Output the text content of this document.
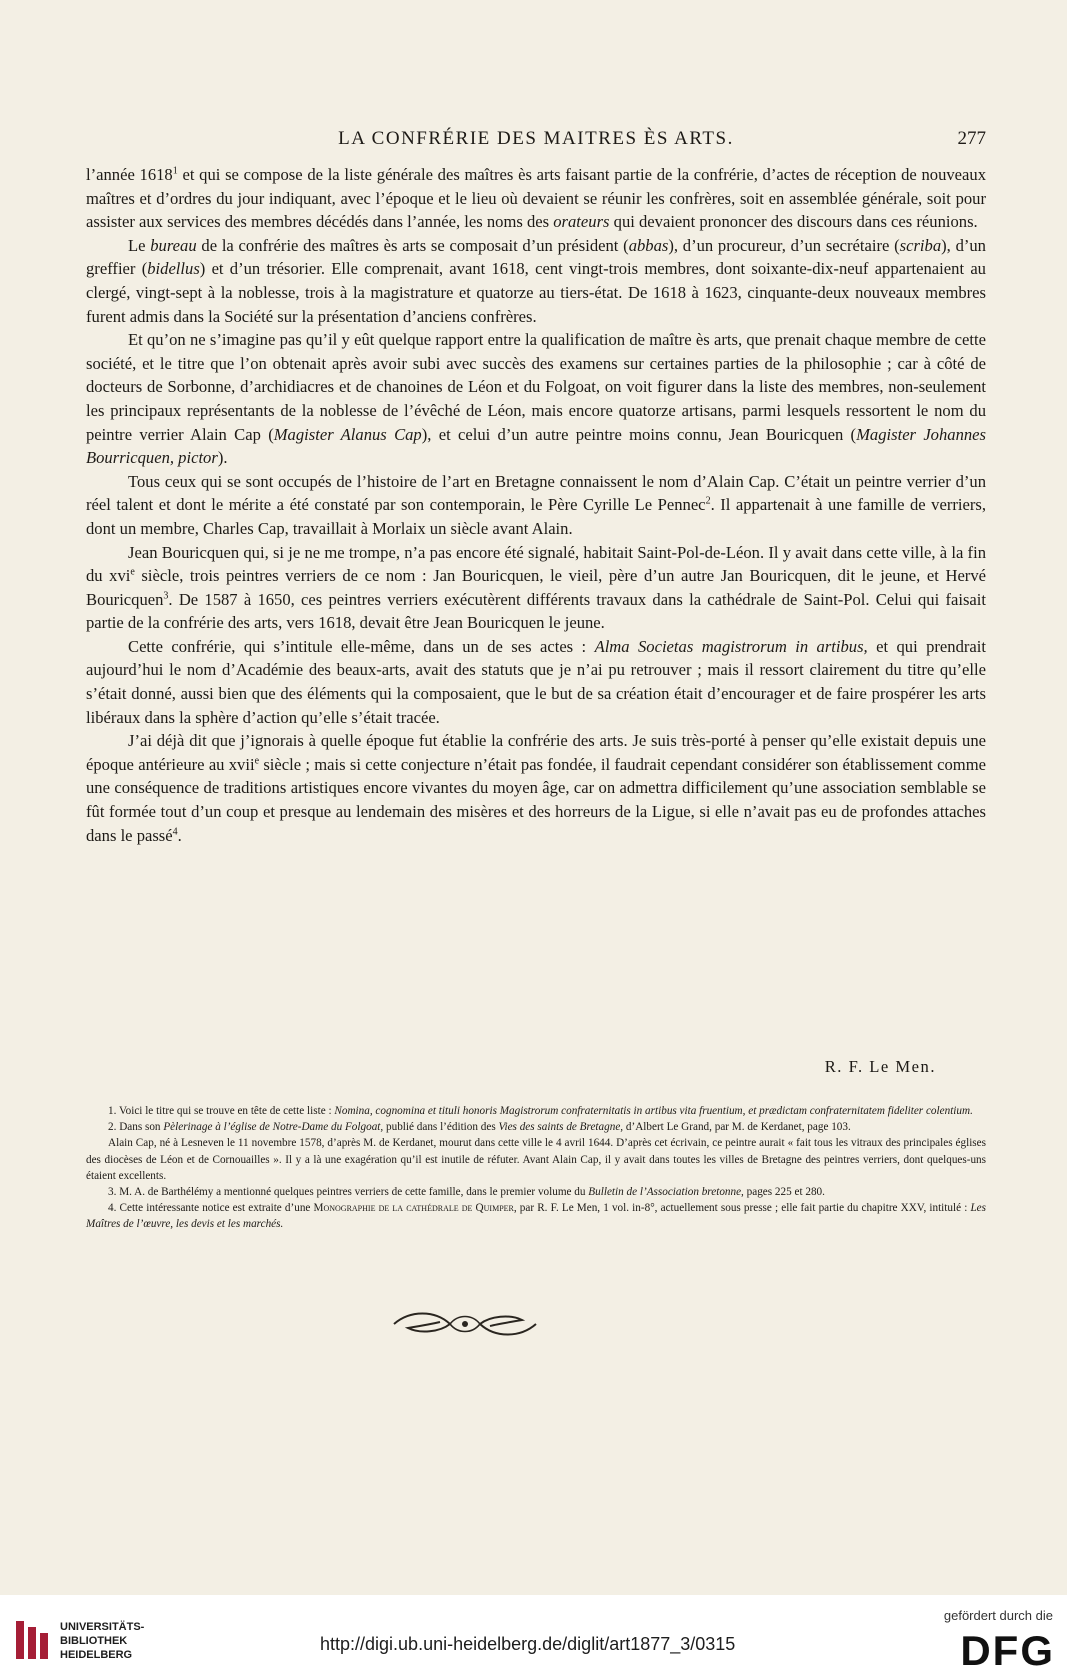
LA CONFRÉRIE DES MAITRES ÈS ARTS.	277

l’année 1618$^1$ et qui se compose de la liste générale des maîtres ès arts faisant partie de la confrérie, d’actes de réception de nouveaux maîtres et d’ordres du jour indiquant, avec l’époque et le lieu où devaient se réunir les confrères, soit en assemblée générale, soit pour assister aux services des membres décédés dans l’année, les noms des orateurs qui devaient prononcer des discours dans ces réunions.

Le bureau de la confrérie des maîtres ès arts se composait d’un président (abbas), d’un procureur, d’un secrétaire (scriba), d’un greffier (bidellus) et d’un trésorier. Elle comprenait, avant 1618, cent vingt-trois membres, dont soixante-dix-neuf appartenaient au clergé, vingt-sept à la noblesse, trois à la magistrature et quatorze au tiers-état. De 1618 à 1623, cinquante-deux nouveaux membres furent admis dans la Société sur la présentation d’anciens confrères.

Et qu’on ne s’imagine pas qu’il y eût quelque rapport entre la qualification de maître ès arts, que prenait chaque membre de cette société, et le titre que l’on obtenait après avoir subi avec succès des examens sur certaines parties de la philosophie ; car à côté de docteurs de Sorbonne, d’archidiacres et de chanoines de Léon et du Folgoat, on voit figurer dans la liste des membres, non-seulement les principaux représentants de la noblesse de l’évêché de Léon, mais encore quatorze artisans, parmi lesquels ressortent le nom du peintre verrier Alain Cap (Magister Alanus Cap), et celui d’un autre peintre moins connu, Jean Bouricquen (Magister Johannes Bourricquen, pictor).

Tous ceux qui se sont occupés de l’histoire de l’art en Bretagne connaissent le nom d’Alain Cap. C’était un peintre verrier d’un réel talent et dont le mérite a été constaté par son contemporain, le Père Cyrille Le Pennec$^2$. Il appartenait à une famille de verriers, dont un membre, Charles Cap, travaillait à Morlaix un siècle avant Alain.

Jean Bouricquen qui, si je ne me trompe, n’a pas encore été signalé, habitait Saint-Pol-de-Léon. Il y avait dans cette ville, à la fin du xvi$^e$ siècle, trois peintres verriers de ce nom : Jan Bouricquen, le vieil, père d’un autre Jan Bouricquen, dit le jeune, et Hervé Bouricquen$^3$. De 1587 à 1650, ces peintres verriers exécutèrent différents travaux dans la cathédrale de Saint-Pol. Celui qui faisait partie de la confrérie des arts, vers 1618, devait être Jean Bouricquen le jeune.

Cette confrérie, qui s’intitule elle-même, dans un de ses actes : Alma Societas magistrorum in artibus, et qui prendrait aujourd’hui le nom d’Académie des beaux-arts, avait des statuts que je n’ai pu retrouver ; mais il ressort clairement du titre qu’elle s’était donné, aussi bien que des éléments qui la composaient, que le but de sa création était d’encourager et de faire prospérer les arts libéraux dans la sphère d’action qu’elle s’était tracée.

J’ai déjà dit que j’ignorais à quelle époque fut établie la confrérie des arts. Je suis très-porté à penser qu’elle existait depuis une époque antérieure au xvii$^e$ siècle ; mais si cette conjecture n’était pas fondée, il faudrait cependant considérer son établissement comme une conséquence de traditions artistiques encore vivantes du moyen âge, car on admettra difficilement qu’une association semblable se fût formée tout d’un coup et presque au lendemain des misères et des horreurs de la Ligue, si elle n’avait pas eu de profondes attaches dans le passé$^4$.

R. F. Le Men.

1. Voici le titre qui se trouve en tête de cette liste : Nomina, cognomina et tituli honoris Magistrorum confraternitatis in artibus vita fruentium, et prædictam confraternitatem fideliter colentium.

2. Dans son Pèlerinage à l’église de Notre-Dame du Folgoat, publié dans l’édition des Vies des saints de Bretagne, d’Albert Le Grand, par M. de Kerdanet, page 103.

Alain Cap, né à Lesneven le 11 novembre 1578, d’après M. de Kerdanet, mourut dans cette ville le 4 avril 1644. D’après cet écrivain, ce peintre aurait « fait tous les vitraux des principales églises des diocèses de Léon et de Cornouailles ». Il y a là une exagération qu’il est inutile de réfuter. Avant Alain Cap, il y avait dans toutes les villes de Bretagne des peintres verriers, dont quelques-uns étaient excellents.

3. M. A. de Barthélémy a mentionné quelques peintres verriers de cette famille, dans le premier volume du Bulletin de l’Association bretonne, pages 225 et 280.

4. Cette intéressante notice est extraite d’une Monographie de la cathédrale de Quimper, par R. F. Le Men, 1 vol. in-8°, actuellement sous presse ; elle fait partie du chapitre XXV, intitulé : Les Maîtres de l’œuvre, les devis et les marchés.

UNIVERSITÄTS-
BIBLIOTHEK
HEIDELBERG
http://digi.ub.uni-heidelberg.de/diglit/art1877_3/0315
gefördert durch die
DFG
